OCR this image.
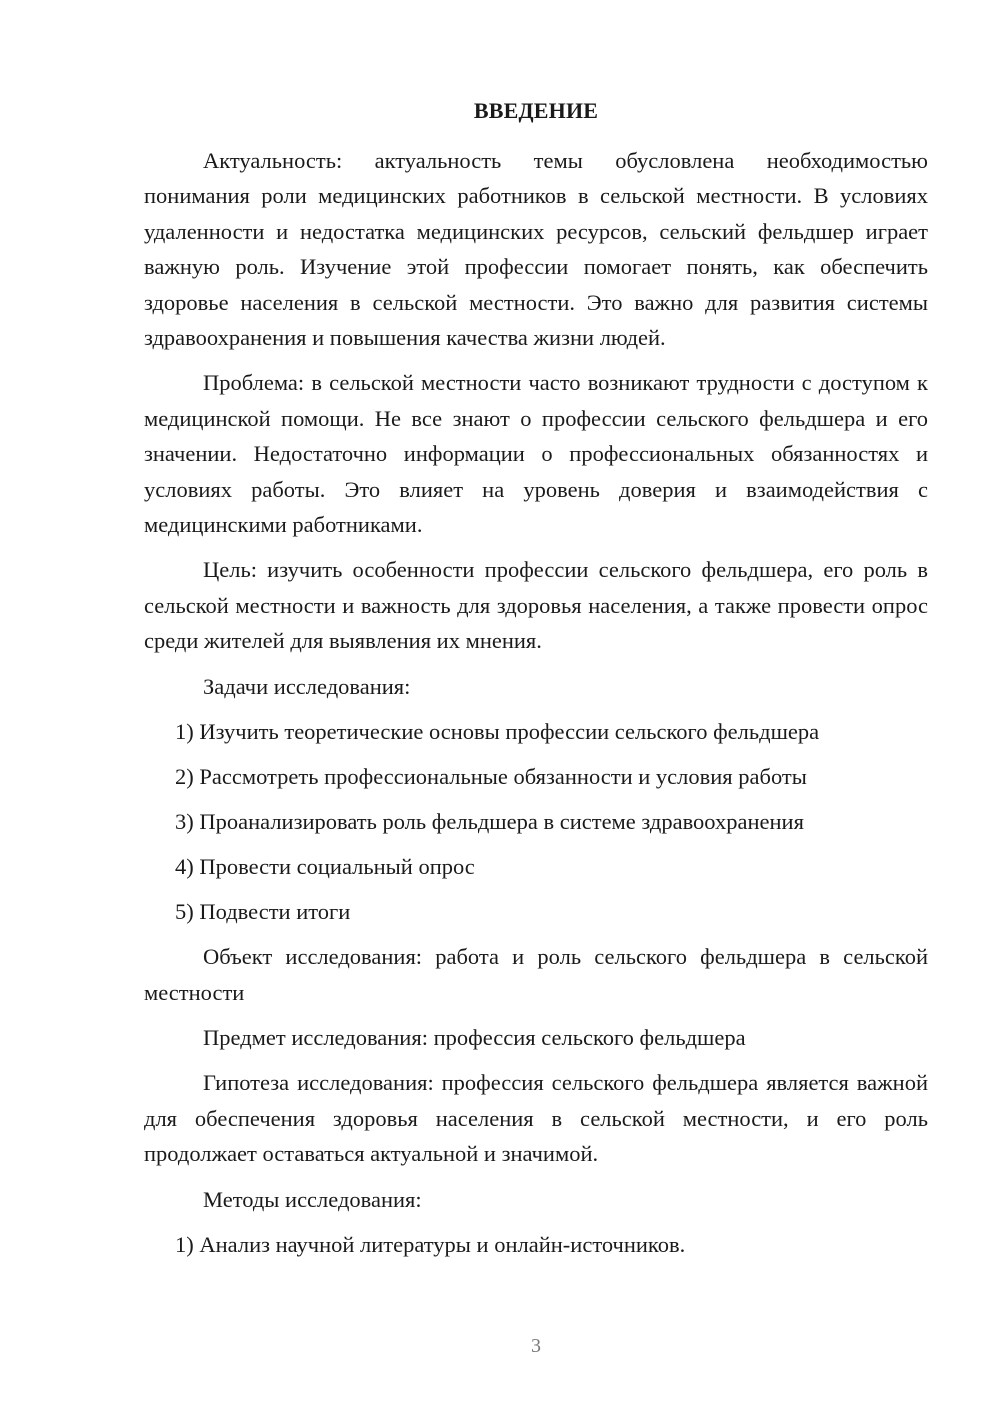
ВВЕДЕНИЕ

Актуальность: актуальность темы обусловлена необходимостью понимания роли медицинских работников в сельской местности. В условиях удаленности и недостатка медицинских ресурсов, сельский фельдшер играет важную роль. Изучение этой профессии помогает понять, как обеспечить здоровье населения в сельской местности. Это важно для развития системы здравоохранения и повышения качества жизни людей.

Проблема: в сельской местности часто возникают трудности с доступом к медицинской помощи. Не все знают о профессии сельского фельдшера и его значении. Недостаточно информации о профессиональных обязанностях и условиях работы. Это влияет на уровень доверия и взаимодействия с медицинскими работниками.

Цель: изучить особенности профессии сельского фельдшера, его роль в сельской местности и важность для здоровья населения, а также провести опрос среди жителей для выявления их мнения.

Задачи исследования:

1) Изучить теоретические основы профессии сельского фельдшера
2) Рассмотреть профессиональные обязанности и условия работы
3) Проанализировать роль фельдшера в системе здравоохранения
4) Провести социальный опрос
5) Подвести итоги

Объект исследования: работа и роль сельского фельдшера в сельской местности

Предмет исследования: профессия сельского фельдшера

Гипотеза исследования: профессия сельского фельдшера является важной для обеспечения здоровья населения в сельской местности, и его роль продолжает оставаться актуальной и значимой.

Методы исследования:

1) Анализ научной литературы и онлайн-источников.
3
